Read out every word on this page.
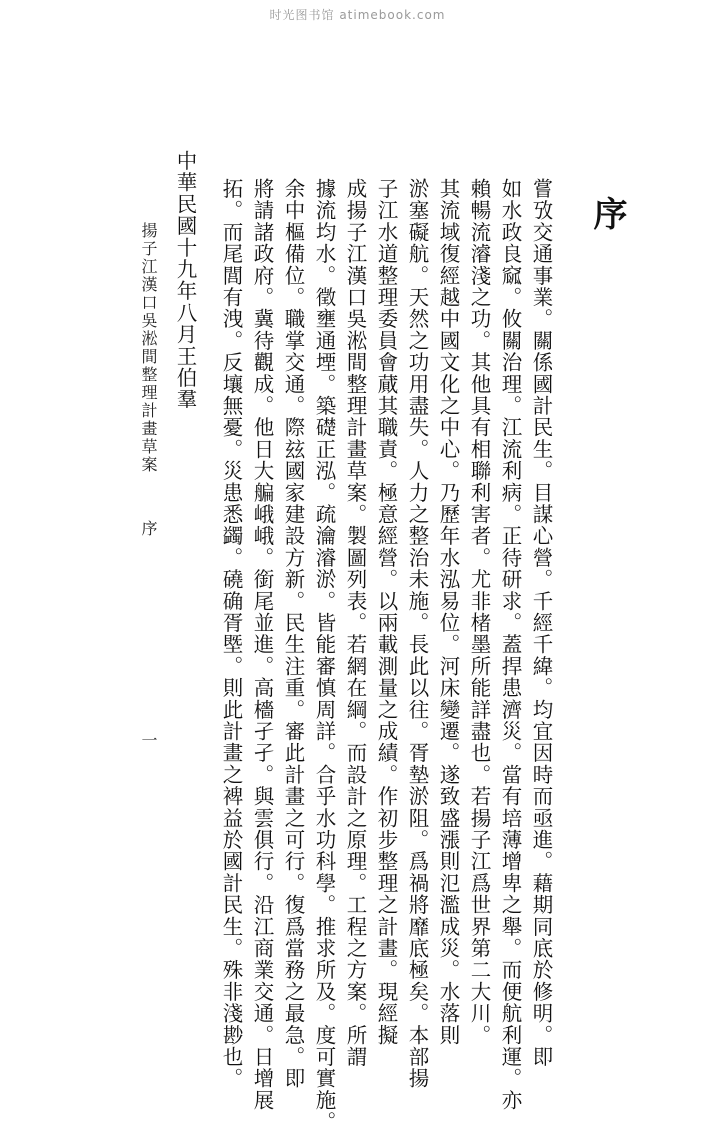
时光图书馆 atimebook.com
序
嘗攷交通事業。關係國計民生。目謀心營。千經千緯。均宜因時而亟進。藉期同底於修明。即
如水政良窳。攸關治理。江流利病。正待研求。蓋捍患濟災。當有培薄增卑之舉。而便航利運。亦
賴暢流濬淺之功。其他具有相聯利害者。尤非楮墨所能詳盡也。若揚子江爲世界第二大川。
其流域復經越中國文化之中心。乃歷年水泓易位。河床變遷。遂致盛漲則氾濫成災。水落則
淤塞礙航。天然之功用盡失。人力之整治未施。長此以往。胥墊淤阻。爲禍將靡底極矣。本部揚
子江水道整理委員會蕆其職責。極意經營。以兩載測量之成績。作初步整理之計畫。現經擬
成揚子江漢口吳淞間整理計畫草案。製圖列表。若網在綱。而設計之原理。工程之方案。所謂
據流均水。徵壅通堙。築礎正泓。疏瀹濬淤。皆能審慎周詳。合乎水功科學。推求所及。度可實施。
余中樞備位。職掌交通。際玆國家建設方新。民生注重。審此計畫之可行。復爲當務之最急。即
將請諸政府。冀待觀成。他日大艑峨峨。銜尾並進。高檣孑孑。與雲俱行。沿江商業交通。日增展
拓。而尾閭有洩。反壤無憂。災患悉蠲。磽确胥塈。則此計畫之裨益於國計民生。殊非淺尠也。
中華民國十九年八月王伯羣
揚子江漢口吳淞間整理計畫草案
序
一
